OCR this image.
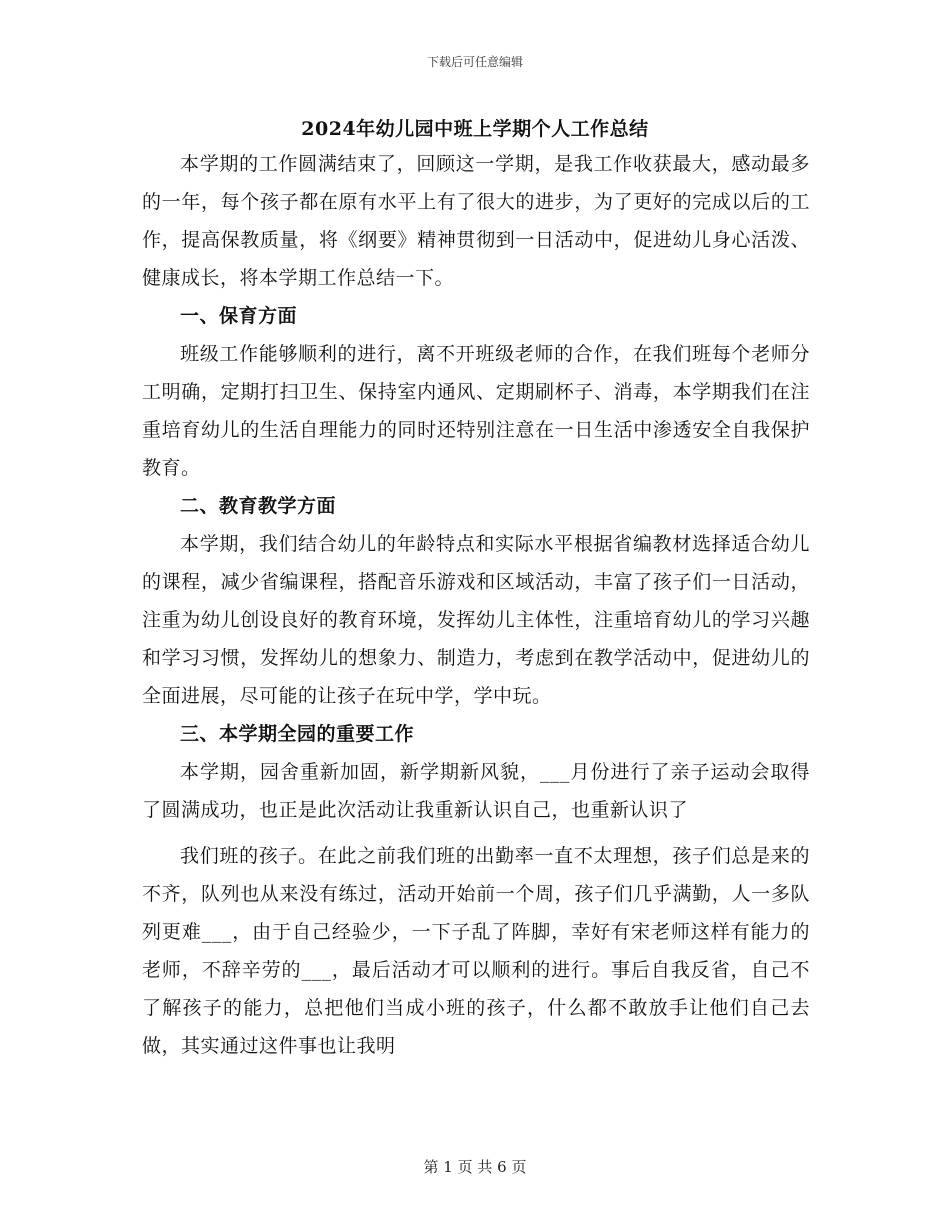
下载后可任意编辑
2024年幼儿园中班上学期个人工作总结

本学期的工作圆满结束了，回顾这一学期，是我工作收获最大，感动最多的一年，每个孩子都在原有水平上有了很大的进步，为了更好的完成以后的工作，提高保教质量，将《纲要》精神贯彻到一日活动中，促进幼儿身心活泼、健康成长，将本学期工作总结一下。

一、保育方面

班级工作能够顺利的进行，离不开班级老师的合作，在我们班每个老师分工明确，定期打扫卫生、保持室内通风、定期刷杯子、消毒，本学期我们在注重培育幼儿的生活自理能力的同时还特别注意在一日生活中渗透安全自我保护教育。

二、教育教学方面

本学期，我们结合幼儿的年龄特点和实际水平根据省编教材选择适合幼儿的课程，减少省编课程，搭配音乐游戏和区域活动，丰富了孩子们一日活动，注重为幼儿创设良好的教育环境，发挥幼儿主体性，注重培育幼儿的学习兴趣和学习习惯，发挥幼儿的想象力、制造力，考虑到在教学活动中，促进幼儿的全面进展，尽可能的让孩子在玩中学，学中玩。

三、本学期全园的重要工作

本学期，园舍重新加固，新学期新风貌，___月份进行了亲子运动会取得了圆满成功，也正是此次活动让我重新认识自己，也重新认识了

我们班的孩子。在此之前我们班的出勤率一直不太理想，孩子们总是来的不齐，队列也从来没有练过，活动开始前一个周，孩子们几乎满勤，人一多队列更难___，由于自己经验少，一下子乱了阵脚，幸好有宋老师这样有能力的老师，不辞辛劳的___，最后活动才可以顺利的进行。事后自我反省，自己不了解孩子的能力，总把他们当成小班的孩子，什么都不敢放手让他们自己去做，其实通过这件事也让我明

第 1 页 共 6 页
